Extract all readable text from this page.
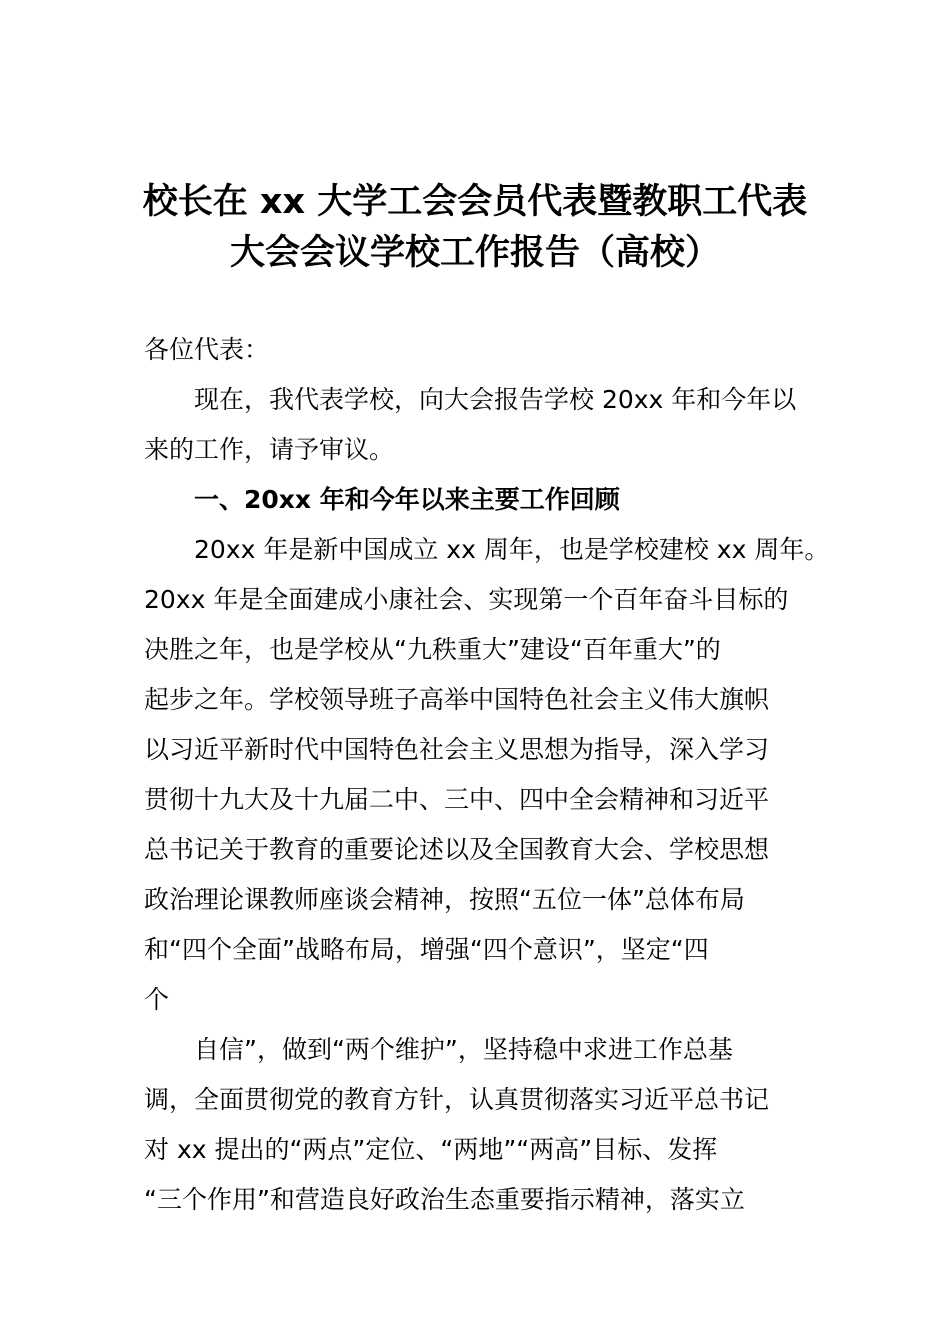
校长在 xx 大学工会会员代表暨教职工代表
大会会议学校工作报告（高校）
各位代表：
现在，我代表学校，向大会报告学校 20xx 年和今年以
来的工作，请予审议。
一、20xx 年和今年以来主要工作回顾
20xx 年是新中国成立 xx 周年，也是学校建校 xx 周年。
20xx 年是全面建成小康社会、实现第一个百年奋斗目标的
决胜之年，也是学校从“九秩重大”建设“百年重大”的
起步之年。学校领导班子高举中国特色社会主义伟大旗帜
以习近平新时代中国特色社会主义思想为指导，深入学习
贯彻十九大及十九届二中、三中、四中全会精神和习近平
总书记关于教育的重要论述以及全国教育大会、学校思想
政治理论课教师座谈会精神，按照“五位一体”总体布局
和“四个全面”战略布局，增强“四个意识”，坚定“四
个
自信”，做到“两个维护”，坚持稳中求进工作总基
调，全面贯彻党的教育方针，认真贯彻落实习近平总书记
对 xx 提出的“两点”定位、“两地”“两高”目标、发挥
“三个作用”和营造良好政治生态重要指示精神，落实立
